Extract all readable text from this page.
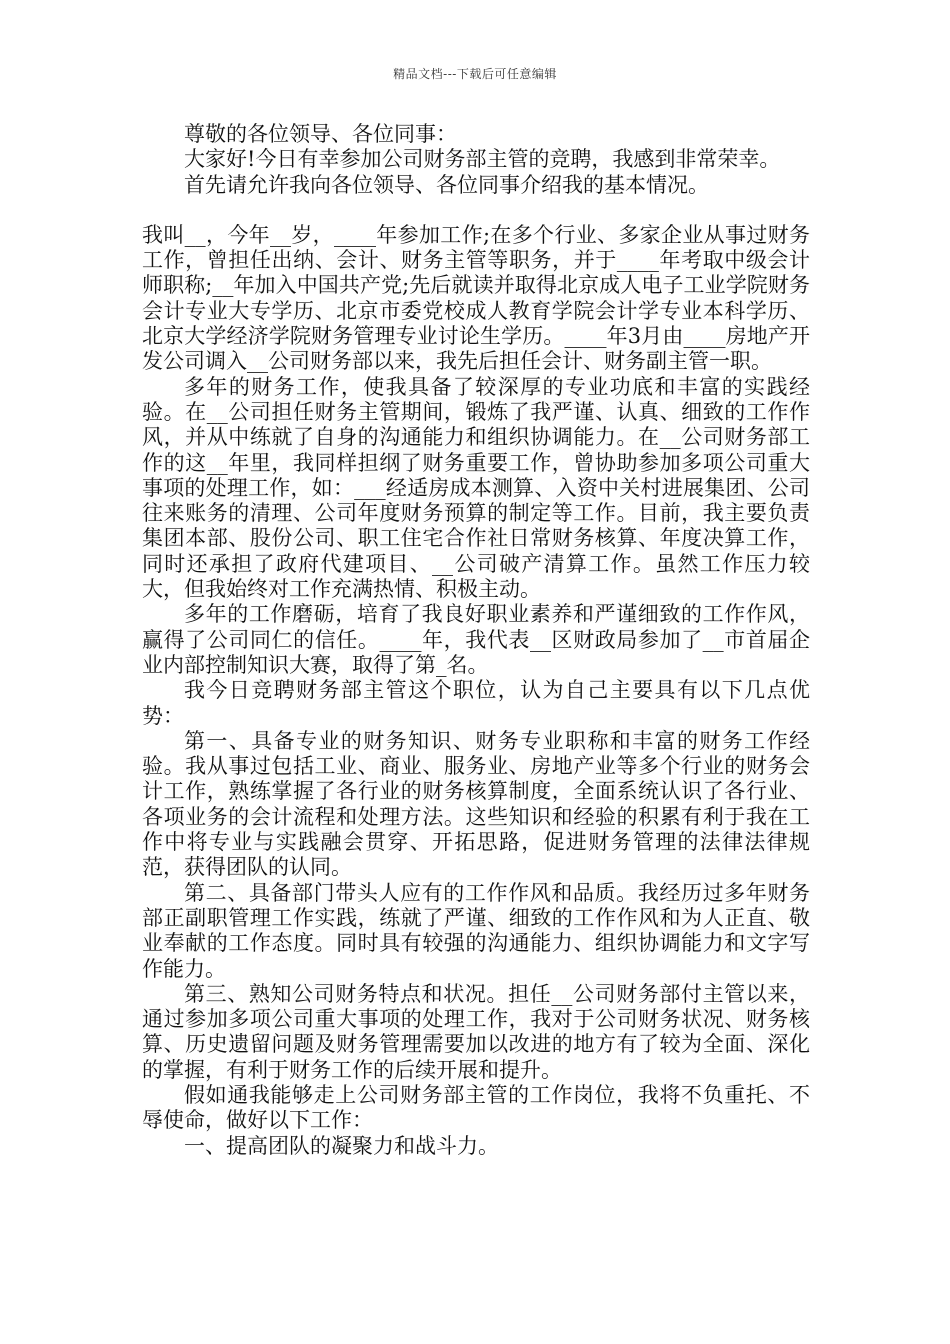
精品文档---下载后可任意编辑

尊敬的各位领导、各位同事：

大家好!今日有幸参加公司财务部主管的竞聘，我感到非常荣幸。

首先请允许我向各位领导、各位同事介绍我的基本情况。

我叫__，今年__岁，____年参加工作;在多个行业、多家企业从事过财务工作，曾担任出纳、会计、财务主管等职务，并于____年考取中级会计师职称;__年加入中国共产党;先后就读并取得北京成人电子工业学院财务会计专业大专学历、北京市委党校成人教育学院会计学专业本科学历、北京大学经济学院财务管理专业讨论生学历。____年3月由____房地产开发公司调入__公司财务部以来，我先后担任会计、财务副主管一职。

多年的财务工作，使我具备了较深厚的专业功底和丰富的实践经验。在__公司担任财务主管期间，锻炼了我严谨、认真、细致的工作作风，并从中练就了自身的沟通能力和组织协调能力。在__公司财务部工作的这__年里，我同样担纲了财务重要工作，曾协助参加多项公司重大事项的处理工作，如：___经适房成本测算、入资中关村进展集团、公司往来账务的清理、公司年度财务预算的制定等工作。目前，我主要负责集团本部、股份公司、职工住宅合作社日常财务核算、年度决算工作，同时还承担了政府代建项目、__公司破产清算工作。虽然工作压力较大，但我始终对工作充满热情、积极主动。

多年的工作磨砺，培育了我良好职业素养和严谨细致的工作作风，赢得了公司同仁的信任。____年，我代表__区财政局参加了__市首届企业内部控制知识大赛，取得了第_名。

我今日竞聘财务部主管这个职位，认为自己主要具有以下几点优势：

第一、具备专业的财务知识、财务专业职称和丰富的财务工作经验。我从事过包括工业、商业、服务业、房地产业等多个行业的财务会计工作，熟练掌握了各行业的财务核算制度，全面系统认识了各行业、各项业务的会计流程和处理方法。这些知识和经验的积累有利于我在工作中将专业与实践融会贯穿、开拓思路，促进财务管理的法律法律规范，获得团队的认同。

第二、具备部门带头人应有的工作作风和品质。我经历过多年财务部正副职管理工作实践，练就了严谨、细致的工作作风和为人正直、敬业奉献的工作态度。同时具有较强的沟通能力、组织协调能力和文字写作能力。

第三、熟知公司财务特点和状况。担任__公司财务部付主管以来，通过参加多项公司重大事项的处理工作，我对于公司财务状况、财务核算、历史遗留问题及财务管理需要加以改进的地方有了较为全面、深化的掌握，有利于财务工作的后续开展和提升。

假如通我能够走上公司财务部主管的工作岗位，我将不负重托、不辱使命，做好以下工作：

一、提高团队的凝聚力和战斗力。
